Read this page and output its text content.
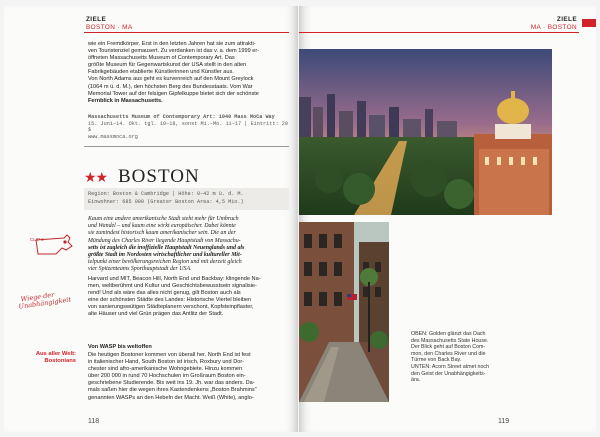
ZIELE
BOSTON · MA
wie ein Fremdkörper. Erst in den letzten Jahren hat sie zum attrakti-
ven Touristenziel gemausert. Zu verdanken ist das v. a. dem 1999 er-
öffneten Massachusetts Museum of Contemporary Art. Das
größte Museum für Gegenwartskunst der USA stellt in den alten
Fabrikgebäuden etablierte Künstlerinnen und Künstler aus.
Von North Adams aus geht es kurvenreich auf den Mount Greylock
(1064 m ü. d. M.), den höchsten Berg des Bundesstaats. Vom War
Memorial Tower auf der felsigen Gipfelkuppe bietet sich der schönste
Fernblick in Massachusetts.
Massachusetts Museum of Contemporary Art: 1040 Mass MoCa Way
15. Juni–14. Okt. tgl. 10–18, sonst Mi.–Mo. 11–17 | Eintritt: 20 $
www.massmoca.org
★★ BOSTON
Region: Boston & Cambridge | Höhe: 0–42 m ü. d. M.
Einwohner: 685 000 (Greater Boston Area: 4,5 Mio.)
Kaum eine andere amerikanische Stadt steht mehr für Umbruch
und Wandel – und kaum eine wirkt europäischer. Dabei könnte
sie zumindest historisch kaum amerikanischer sein. Die an der
Mündung des Charles River liegende Hauptstadt von Massachu-
setts ist zugleich die inoffizielle Hauptstadt Neuenglands und als
größte Stadt im Nordosten wirtschaftlicher und kultureller Mit-
telpunkt einer bevölkerungsreichen Region und mit derzeit gleich
vier Spitzenteams Sporthauptstadt der USA.
CLIP 6
Harvard und MIT, Beacon Hill, North End und Backbay: klingende Na-
men, weltberühmt und Kultur und Geschichtsbewusstsein signalisie-
rend! Und als wäre das alles nicht genug, gilt Boston auch als
eine der schönsten Städte des Landes: Historische Viertel bleiben
von sanierungswütigen Städteplanern verschont, Kopfsteinpflaster,
alte Häuser und viel Grün prägen das Antlitz der Stadt.
Wiege der Unabhängigkeit
Von WASP bis weltoffen
Die heutigen Bostoner kommen von überall her. North End ist fest
in italienischer Hand, South Boston ist irisch, Roxbury und Dor-
chester sind afro-amerikanische Wohngebiete. Hinzu kommen
über 200 000 in rund 70 Hochschulen im Großraum Boston ein-
geschriebene Studierende. Bis weit ins 19. Jh. war das anders. Da-
mals saßen hier die wegen ihres Kastendenkens „Boston Brahmins"
genannten WASPs an den Hebeln der Macht. Weiß (White), anglo-
Aus aller Welt: Bostonians
118
ZIELE
MA · BOSTON
OBEN: Golden glänzt das Dach
des Massachusetts State House.
Der Blick geht auf Boston Com-
mon, den Charles River und die
Türme von Back Bay.
UNTEN: Acorn Street atmet noch
den Geist der Unabhängigkeits-
ära.
119
